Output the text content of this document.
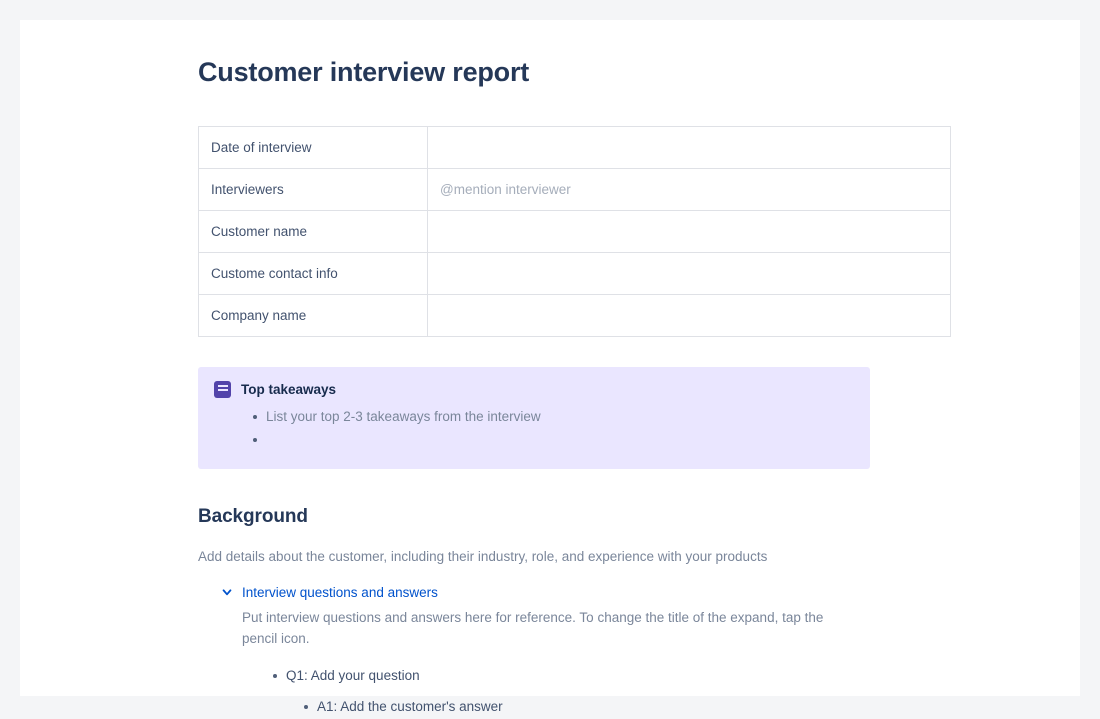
Customer interview report
Date of interview	
Interviewers	@mention interviewer
Customer name	
Custome contact info	
Company name	
Top takeaways
List your top 2-3 takeaways from the interview
Background

Add details about the customer, including their industry, role, and experience with your products

Interview questions and answers
Put interview questions and answers here for reference. To change the title of the expand, tap the pencil icon.
Q1: Add your question
A1: Add the customer's answer
